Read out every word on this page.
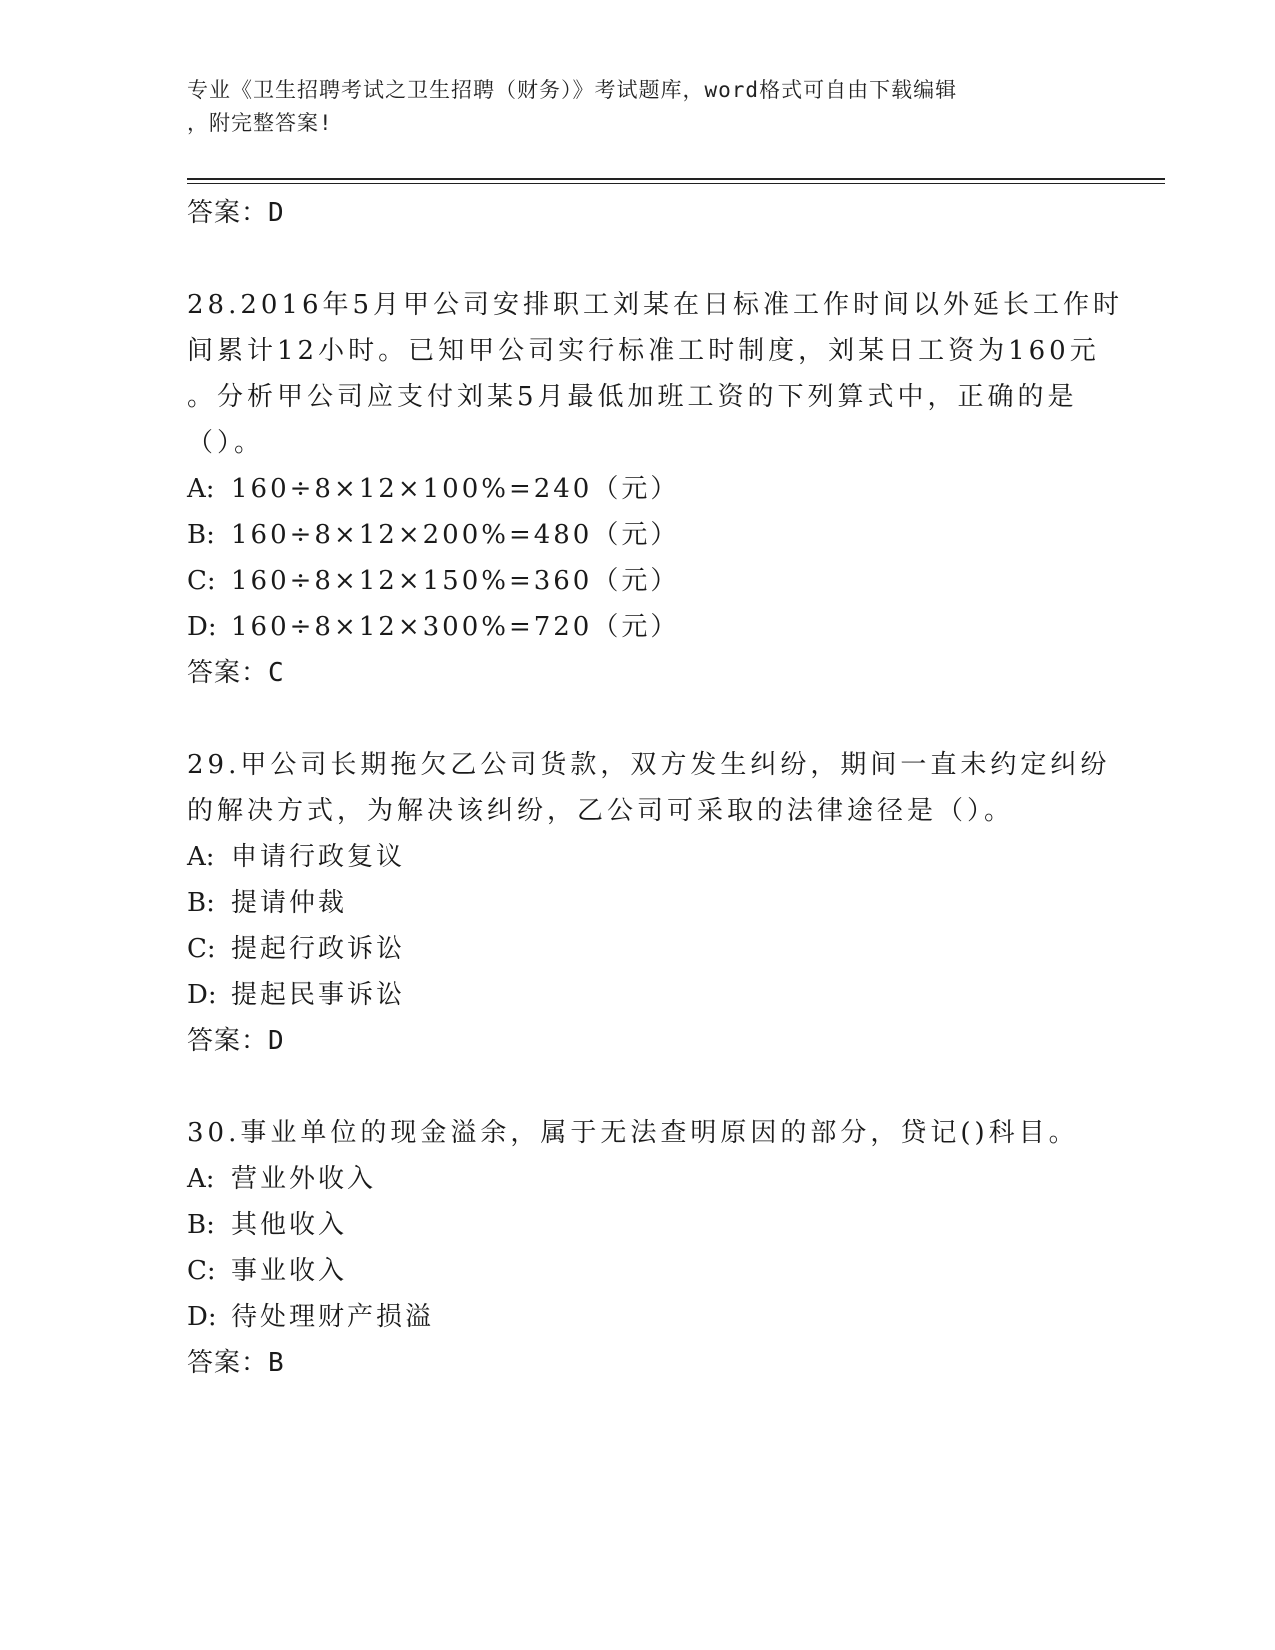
专业《卫生招聘考试之卫生招聘（财务）》考试题库，word格式可自由下载编辑
，附完整答案!
答案：D
28.2016年5月甲公司安排职工刘某在日标准工作时间以外延长工作时
间累计12小时。已知甲公司实行标准工时制度，刘某日工资为160元
。分析甲公司应支付刘某5月最低加班工资的下列算式中，正确的是
（）。
A: 160÷8×12×100%=240（元）
B: 160÷8×12×200%=480（元）
C: 160÷8×12×150%=360（元）
D: 160÷8×12×300%=720（元）
答案：C
29.甲公司长期拖欠乙公司货款，双方发生纠纷，期间一直未约定纠纷
的解决方式，为解决该纠纷，乙公司可采取的法律途径是（）。
A: 申请行政复议
B: 提请仲裁
C: 提起行政诉讼
D: 提起民事诉讼
答案：D
30.事业单位的现金溢余，属于无法查明原因的部分，贷记()科目。
A: 营业外收入
B: 其他收入
C: 事业收入
D: 待处理财产损溢
答案：B
